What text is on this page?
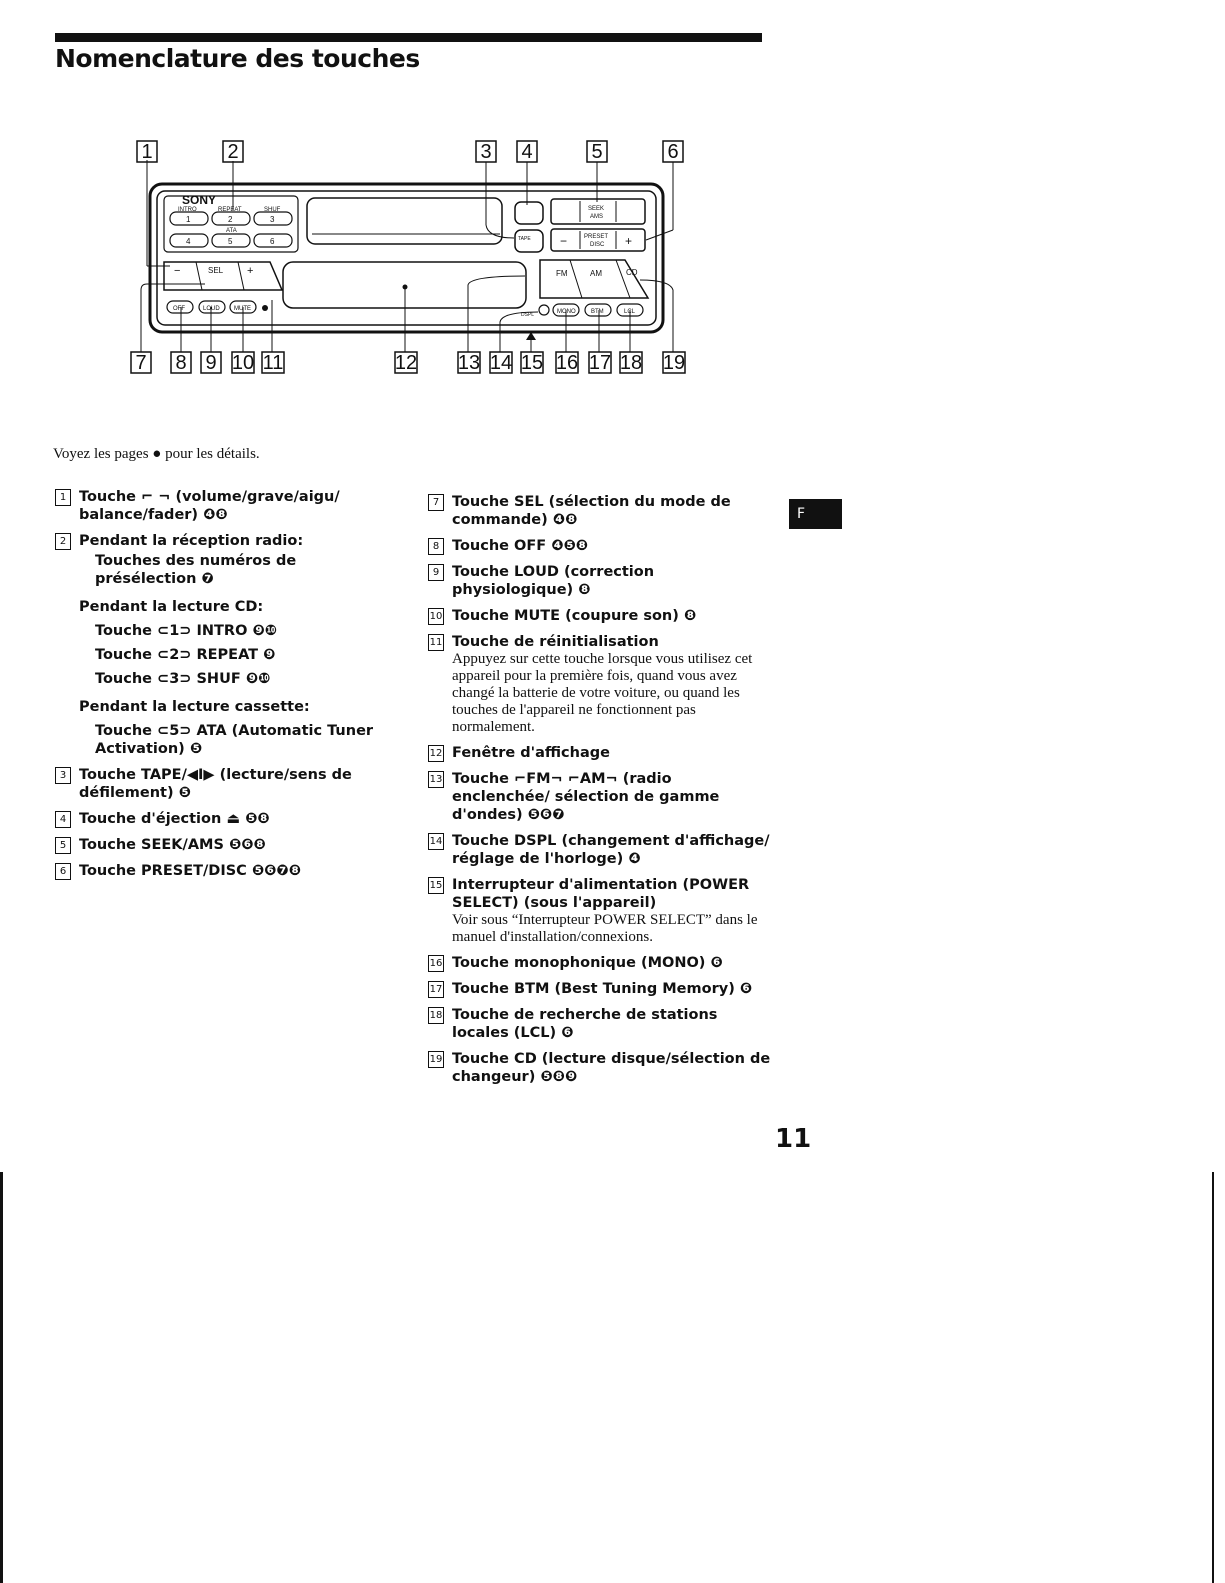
Nomenclature des touches
SONY
INTRO	REPEAT	SHUF
ATA
1	2	3
4	5	6
SEL
−	+
TAPE
SEEK
AMS
PRESET
DISC
−	+
FM	AM	CD
OFF	LOUD MUTE
DSPL	MONO	BTM	LCL
1	2	3 4	5	6
7 8 9 10 11	12 13 14 15 16 17 18 19
Voyez les pages ● pour les détails.
1 Touche ⌐ ¬ (volume/grave/aigu/ balance/fader) ❹❽
2 Pendant la réception radio:
Touches des numéros de présélection ❼
Pendant la lecture CD:
Touche ⊂1⊃ INTRO ❾❿
Touche ⊂2⊃ REPEAT ❾
Touche ⊂3⊃ SHUF ❾❿
Pendant la lecture cassette:
Touche ⊂5⊃ ATA (Automatic Tuner Activation) ❺
3 Touche TAPE/◀I▶ (lecture/sens de défilement) ❺
4 Touche d'éjection ⏏ ❺❽
5 Touche SEEK/AMS ❺❻❽
6 Touche PRESET/DISC ❺❻❼❽
7 Touche SEL (sélection du mode de commande) ❹❽
8 Touche OFF ❹❺❽
9 Touche LOUD (correction physiologique) ❽
10 Touche MUTE (coupure son) ❽
11 Touche de réinitialisation
Appuyez sur cette touche lorsque vous utilisez cet appareil pour la première fois, quand vous avez changé la batterie de votre voiture, ou quand les touches de l'appareil ne fonctionnent pas normalement.
12 Fenêtre d'affichage
13 Touche ⌐FM¬ ⌐AM¬ (radio enclenchée/ sélection de gamme d'ondes) ❺❻❼
14 Touche DSPL (changement d'affichage/ réglage de l'horloge) ❹
15 Interrupteur d'alimentation (POWER SELECT) (sous l'appareil)
Voir sous “Interrupteur POWER SELECT” dans le manuel d'installation/connexions.
16 Touche monophonique (MONO) ❻
17 Touche BTM (Best Tuning Memory) ❻
18 Touche de recherche de stations locales (LCL) ❻
19 Touche CD (lecture disque/sélection de changeur) ❺❽❾
F
11
